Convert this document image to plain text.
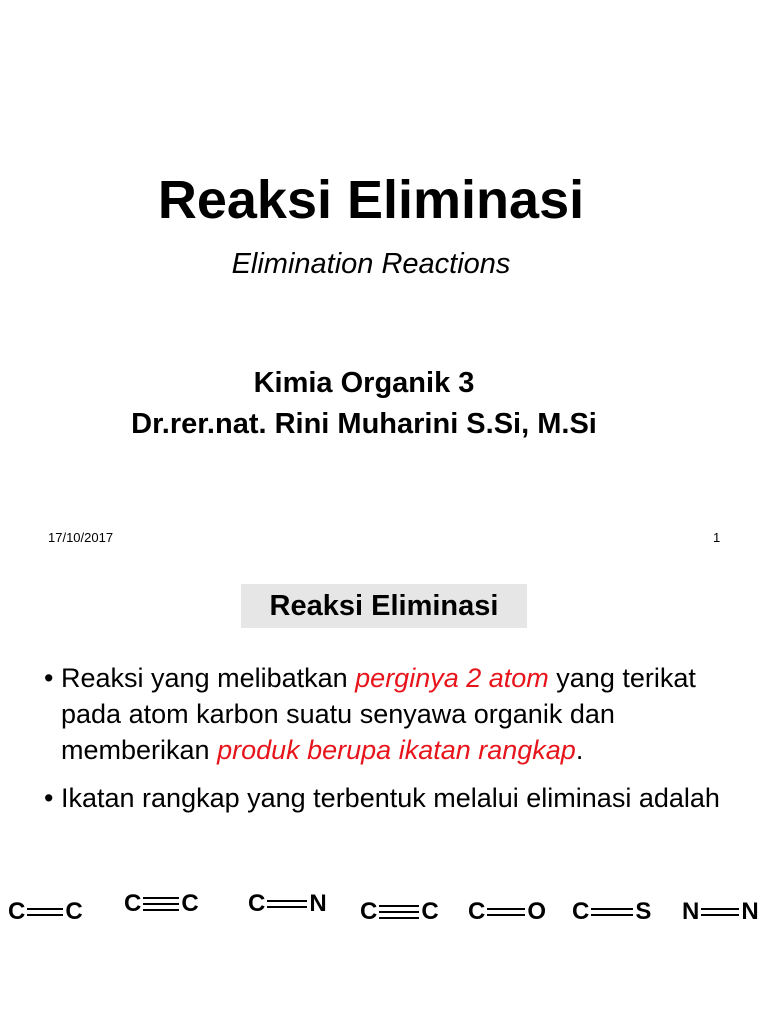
Reaksi Eliminasi
Elimination Reactions
Kimia Organik 3
Dr.rer.nat. Rini Muharini S.Si, M.Si
17/10/2017	1
Reaksi Eliminasi
• Reaksi yang melibatkan perginya 2 atom yang terikat pada atom karbon suatu senyawa organik dan memberikan produk berupa ikatan rangkap.
• Ikatan rangkap yang terbentuk melalui eliminasi adalah
C C C C C N C C C O C S N N
